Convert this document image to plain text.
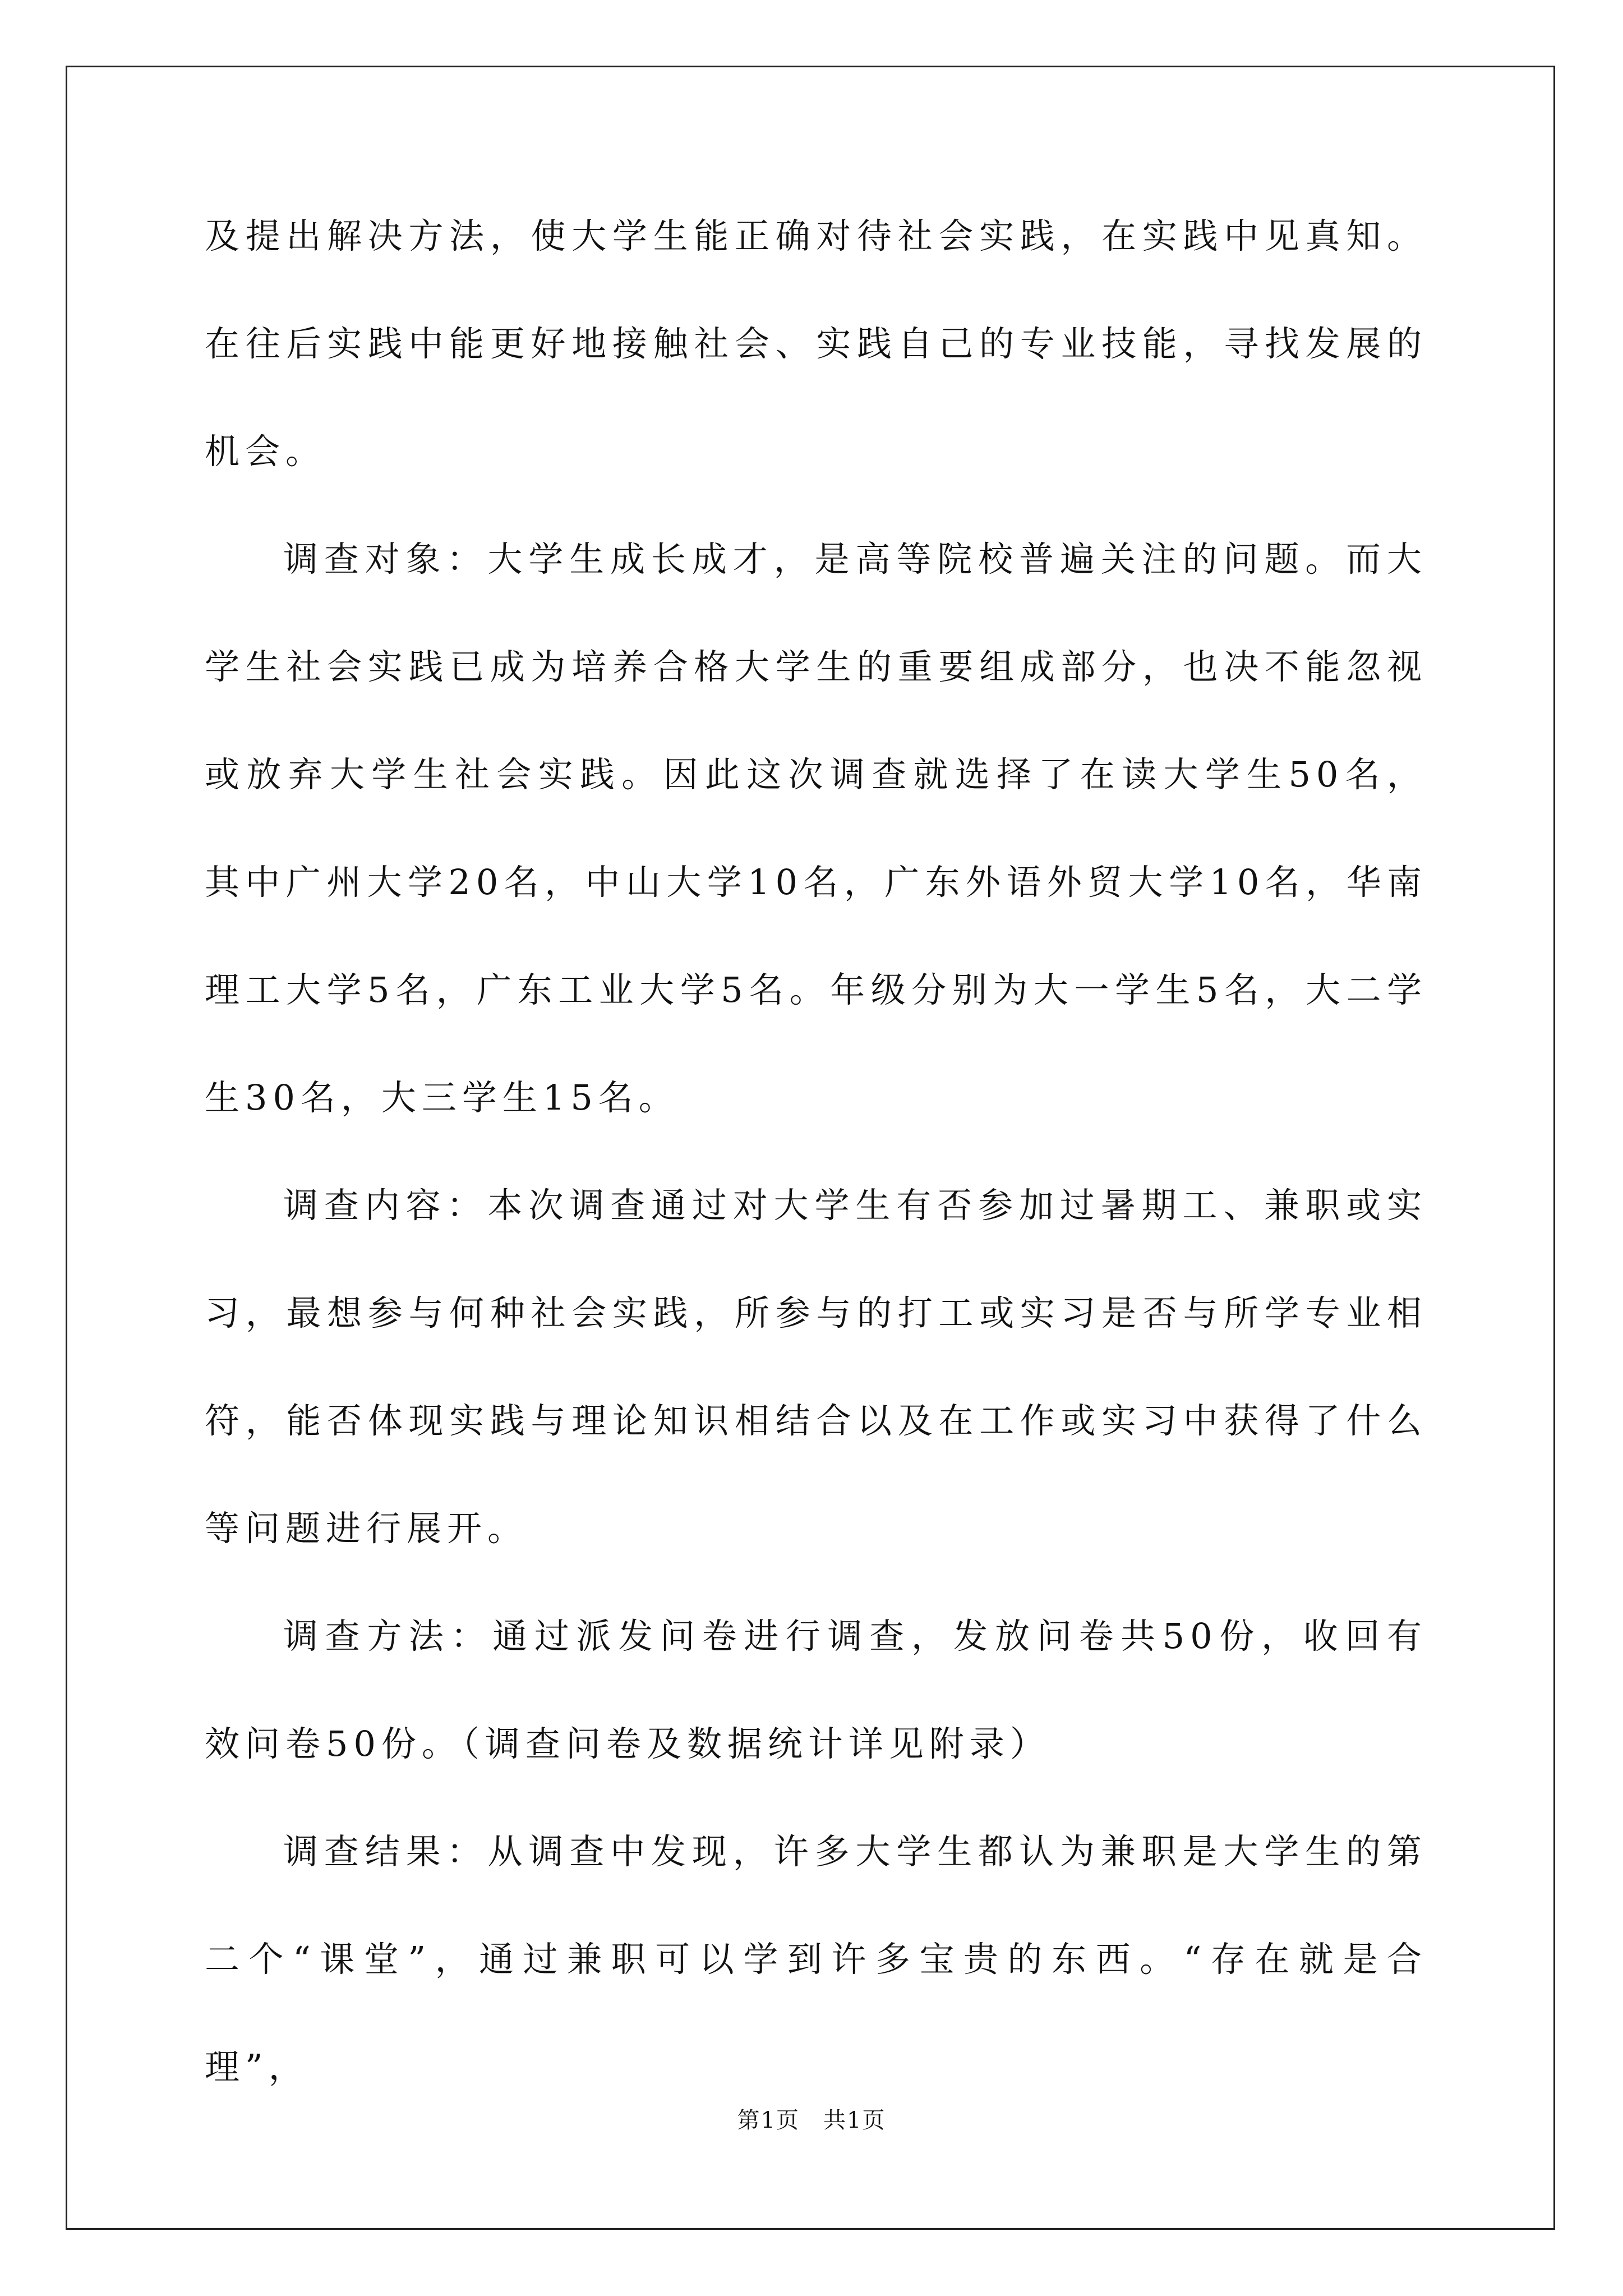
及提出解决方法，使大学生能正确对待社会实践，在实践中见真知。在往后实践中能更好地接触社会、实践自己的专业技能，寻找发展的机会。

调查对象：大学生成长成才，是高等院校普遍关注的问题。而大学生社会实践已成为培养合格大学生的重要组成部分，也决不能忽视或放弃大学生社会实践。因此这次调查就选择了在读大学生50名，其中广州大学20名，中山大学10名，广东外语外贸大学10名，华南理工大学5名，广东工业大学5名。年级分别为大一学生5名，大二学生30名，大三学生15名。

调查内容：本次调查通过对大学生有否参加过暑期工、兼职或实习，最想参与何种社会实践，所参与的打工或实习是否与所学专业相符，能否体现实践与理论知识相结合以及在工作或实习中获得了什么等问题进行展开。

调查方法：通过派发问卷进行调查，发放问卷共50份，收回有效问卷50份。（调查问卷及数据统计详见附录）

调查结果：从调查中发现，许多大学生都认为兼职是大学生的第二个“课堂”，通过兼职可以学到许多宝贵的东西。“存在就是合理”，

第1页　共1页
